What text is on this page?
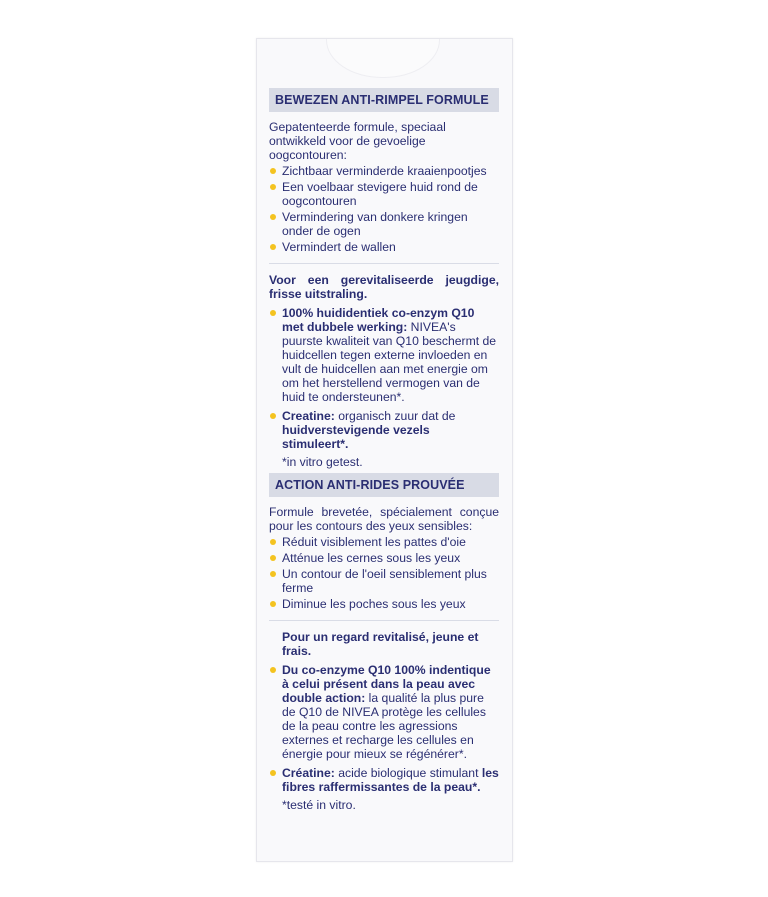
BEWEZEN ANTI-RIMPEL FORMULE
Gepatenteerde formule, speciaal ontwikkeld voor de gevoelige oogcontouren:
Zichtbaar verminderde kraaienpootjes
Een voelbaar stevigere huid rond de oogcontouren
Vermindering van donkere kringen onder de ogen
Vermindert de wallen
Voor een gerevitaliseerde jeugdige, frisse uitstraling.
100% huididentiek co-enzym Q10 met dubbele werking: NIVEA's puurste kwaliteit van Q10 beschermt de huidcellen tegen externe invloeden en vult de huidcellen aan met energie om om het herstellend vermogen van de huid te ondersteunen*.
Creatine: organisch zuur dat de huidverstevigende vezels stimuleert*.
*in vitro getest.
ACTION ANTI-RIDES PROUVÉE
Formule brevetée, spécialement conçue pour les contours des yeux sensibles:
Réduit visiblement les pattes d'oie
Atténue les cernes sous les yeux
Un contour de l'oeil sensiblement plus ferme
Diminue les poches sous les yeux
Pour un regard revitalisé, jeune et frais.
Du co-enzyme Q10 100% indentique à celui présent dans la peau avec double action: la qualité la plus pure de Q10 de NIVEA protège les cellules de la peau contre les agressions externes et recharge les cellules en énergie pour mieux se régénérer*.
Créatine: acide biologique stimulant les fibres raffermissantes de la peau*.
*testé in vitro.
